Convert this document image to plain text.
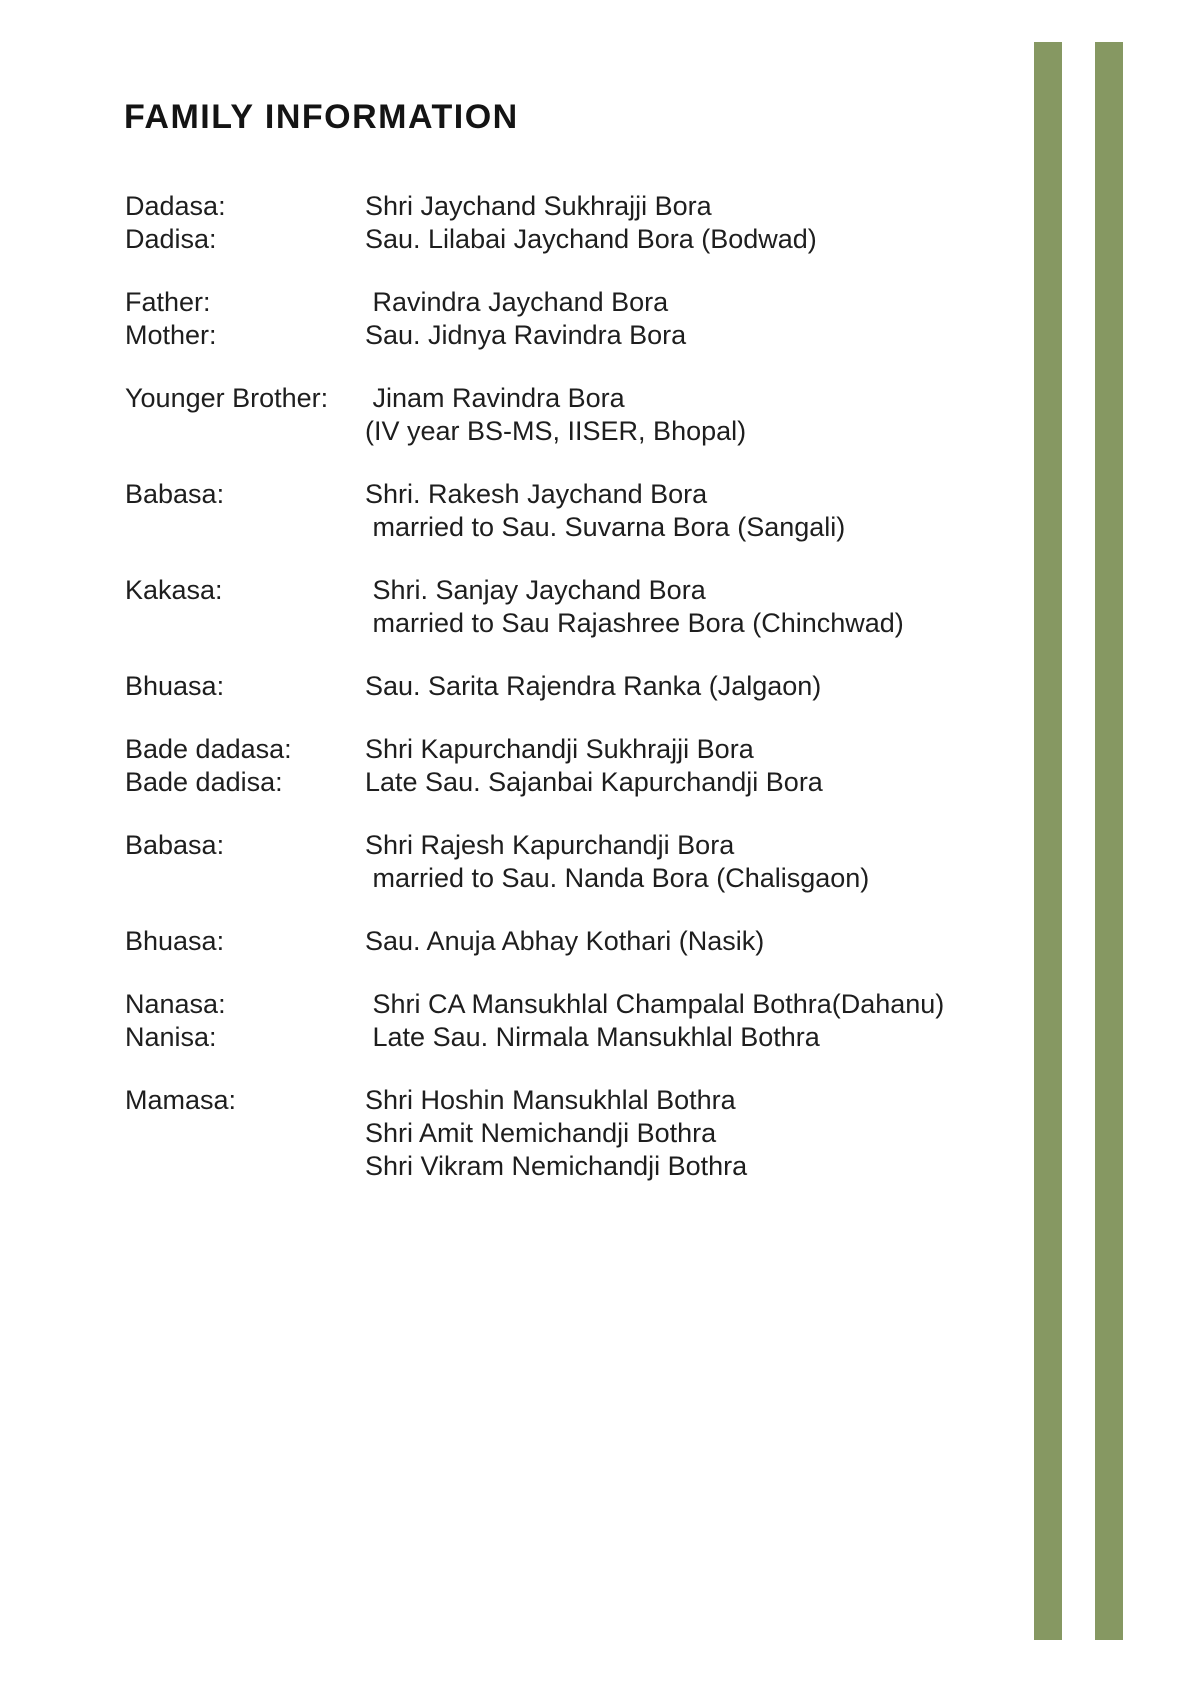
FAMILY INFORMATION
Dadasa:	Shri Jaychand Sukhrajji Bora
Dadisa:	Sau. Lilabai Jaychand Bora (Bodwad)
Father:	Ravindra Jaychand Bora
Mother:	Sau. Jidnya Ravindra Bora
Younger Brother:	Jinam Ravindra Bora
(IV year BS-MS, IISER, Bhopal)
Babasa:	Shri. Rakesh Jaychand Bora
married to Sau. Suvarna Bora (Sangali)
Kakasa:	Shri. Sanjay Jaychand Bora
married to Sau Rajashree Bora (Chinchwad)
Bhuasa:	Sau. Sarita Rajendra Ranka (Jalgaon)
Bade dadasa:	Shri Kapurchandji Sukhrajji Bora
Bade dadisa:	Late Sau. Sajanbai Kapurchandji Bora
Babasa:	Shri Rajesh Kapurchandji Bora
married to Sau. Nanda Bora (Chalisgaon)
Bhuasa:	Sau. Anuja Abhay Kothari (Nasik)
Nanasa:	Shri CA Mansukhlal Champalal Bothra(Dahanu)
Nanisa:	Late Sau. Nirmala Mansukhlal Bothra
Mamasa:	Shri Hoshin Mansukhlal Bothra
Shri Amit Nemichandji Bothra
Shri Vikram Nemichandji Bothra
